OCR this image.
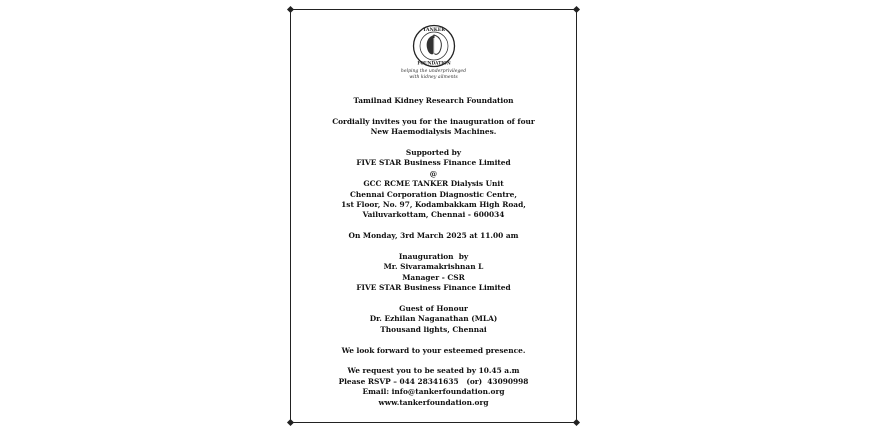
TANKER
FOUNDATION
helping the underprivileged
with kidney ailments
Tamilnad Kidney Research Foundation
Cordially invites you for the inauguration of four
New Haemodialysis Machines.
Supported by
FIVE STAR Business Finance Limited
@
GCC RCME TANKER Dialysis Unit
Chennai Corporation Diagnostic Centre,
1st Floor, No. 97, Kodambakkam High Road,
Vailuvarkottam, Chennai - 600034
On Monday, 3rd March 2025 at 11.00 am
Inauguration  by
Mr. Sivaramakrishnan L
Manager - CSR
FIVE STAR Business Finance Limited
Guest of Honour
Dr. Ezhilan Naganathan (MLA)
Thousand lights, Chennai
We look forward to your esteemed presence.
We request you to be seated by 10.45 a.m
Please RSVP – 044 28341635   (or)  43090998
Email: info@tankerfoundation.org
www.tankerfoundation.org
